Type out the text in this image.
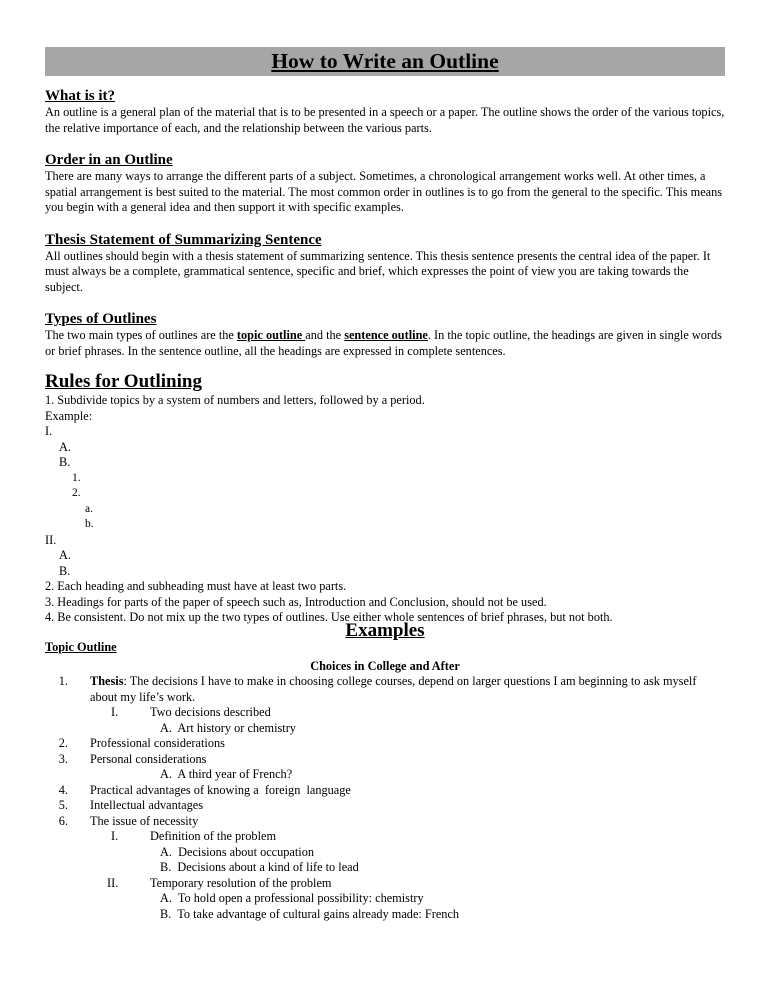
How to Write an Outline
What is it?

An outline is a general plan of the material that is to be presented in a speech or a paper. The outline shows the order of the various topics, the relative importance of each, and the relationship between the various parts.

Order in an Outline

There are many ways to arrange the different parts of a subject. Sometimes, a chronological arrangement works well. At other times, a spatial arrangement is best suited to the material. The most common order in outlines is to go from the general to the specific. This means you begin with a general idea and then support it with specific examples.

Thesis Statement of Summarizing Sentence

All outlines should begin with a thesis statement of summarizing sentence. This thesis sentence presents the central idea of the paper. It must always be a complete, grammatical sentence, specific and brief, which expresses the point of view you are taking towards the subject.

Types of Outlines

The two main types of outlines are the topic outline and the sentence outline. In the topic outline, the headings are given in single words or brief phrases. In the sentence outline, all the headings are expressed in complete sentences.

Rules for Outlining
1. Subdivide topics by a system of numbers and letters, followed by a period.
Example:
I.
A.
B.
1.
2.
a.
b.
II.
A.
B.
2. Each heading and subheading must have at least two parts.
3. Headings for parts of the paper of speech such as, Introduction and Conclusion, should not be used.
4. Be consistent. Do not mix up the two types of outlines. Use either whole sentences of brief phrases, but not both.
Examples
Topic Outline
Choices in College and After
1. Thesis: The decisions I have to make in choosing college courses, depend on larger questions I am beginning to ask myself
about my life’s work.
I.	Two decisions described
A.  Art history or chemistry
2. Professional considerations
3. Personal considerations
A.  A third year of French?
4. Practical advantages of knowing a  foreign  language
5. Intellectual advantages
6. The issue of necessity
I.	Definition of the problem
A.  Decisions about occupation
B.  Decisions about a kind of life to lead
II.	Temporary resolution of the problem
A.  To hold open a professional possibility: chemistry
B.  To take advantage of cultural gains already made: French
